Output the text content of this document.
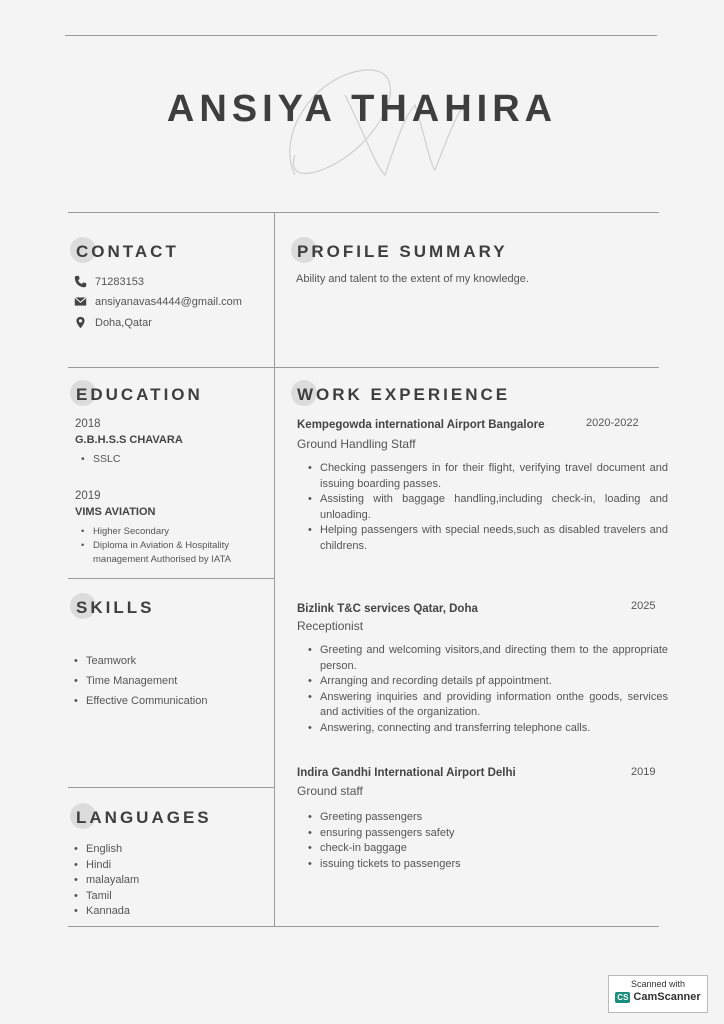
ANSIYA THAHIRA
CONTACT
71283153
ansiyanavas4444@gmail.com
Doha,Qatar
PROFILE SUMMARY
Ability and talent to the extent of my knowledge.
EDUCATION
2018
G.B.H.S.S CHAVARA
• SSLC
2019
VIMS AVIATION
• Higher Secondary
• Diploma in Aviation & Hospitality management Authorised by IATA
SKILLS
• Teamwork
• Time Management
• Effective Communication
LANGUAGES
• English
• Hindi
• malayalam
• Tamil
• Kannada
WORK EXPERIENCE
Kempegowda international Airport Bangalore	2020-2022
Ground Handling Staff
• Checking passengers in for their flight, verifying travel document and issuing boarding passes.
• Assisting with baggage handling,including check-in, loading and unloading.
• Helping passengers with special needs,such as disabled travelers and childrens.
Bizlink T&C services Qatar, Doha	2025
Receptionist
• Greeting and welcoming visitors,and directing them to the appropriate person.
• Arranging and recording details pf appointment.
• Answering inquiries and providing information onthe goods, services and activities of the organization.
• Answering, connecting and transferring telephone calls.
Indira Gandhi International Airport Delhi	2019
Ground staff
• Greeting passengers
• ensuring passengers safety
• check-in baggage
• issuing tickets to passengers
Scanned with
CS CamScanner
